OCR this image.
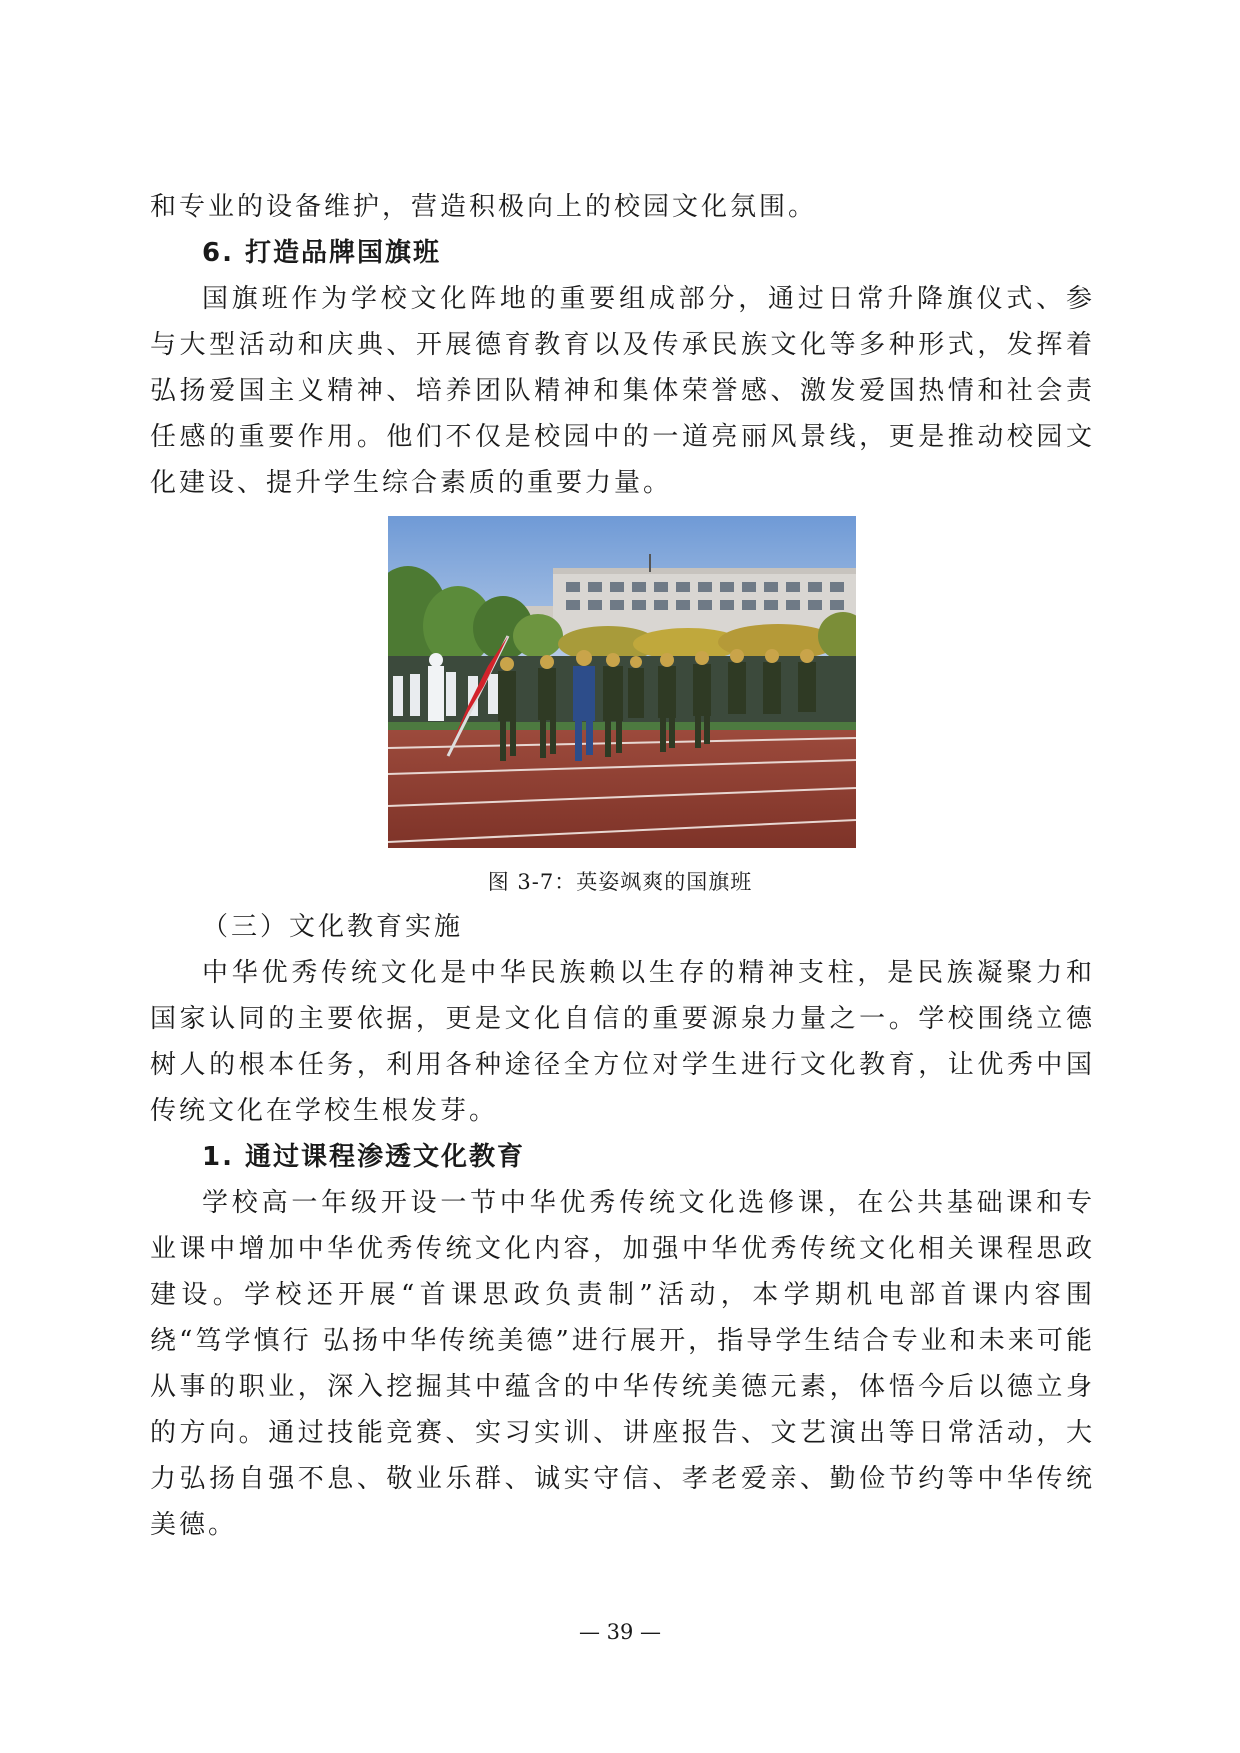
和专业的设备维护，营造积极向上的校园文化氛围。

6. 打造品牌国旗班

国旗班作为学校文化阵地的重要组成部分，通过日常升降旗仪式、参与大型活动和庆典、开展德育教育以及传承民族文化等多种形式，发挥着弘扬爱国主义精神、培养团队精神和集体荣誉感、激发爱国热情和社会责任感的重要作用。他们不仅是校园中的一道亮丽风景线，更是推动校园文化建设、提升学生综合素质的重要力量。

图 3-7：英姿飒爽的国旗班

（三）文化教育实施

中华优秀传统文化是中华民族赖以生存的精神支柱，是民族凝聚力和国家认同的主要依据，更是文化自信的重要源泉力量之一。学校围绕立德树人的根本任务，利用各种途径全方位对学生进行文化教育，让优秀中国传统文化在学校生根发芽。

1. 通过课程渗透文化教育

学校高一年级开设一节中华优秀传统文化选修课，在公共基础课和专业课中增加中华优秀传统文化内容，加强中华优秀传统文化相关课程思政建设。学校还开展“首课思政负责制”活动，本学期机电部首课内容围绕“笃学慎行 弘扬中华传统美德”进行展开，指导学生结合专业和未来可能从事的职业，深入挖掘其中蕴含的中华传统美德元素，体悟今后以德立身的方向。通过技能竞赛、实习实训、讲座报告、文艺演出等日常活动，大力弘扬自强不息、敬业乐群、诚实守信、孝老爱亲、勤俭节约等中华传统美德。

— 39 —
